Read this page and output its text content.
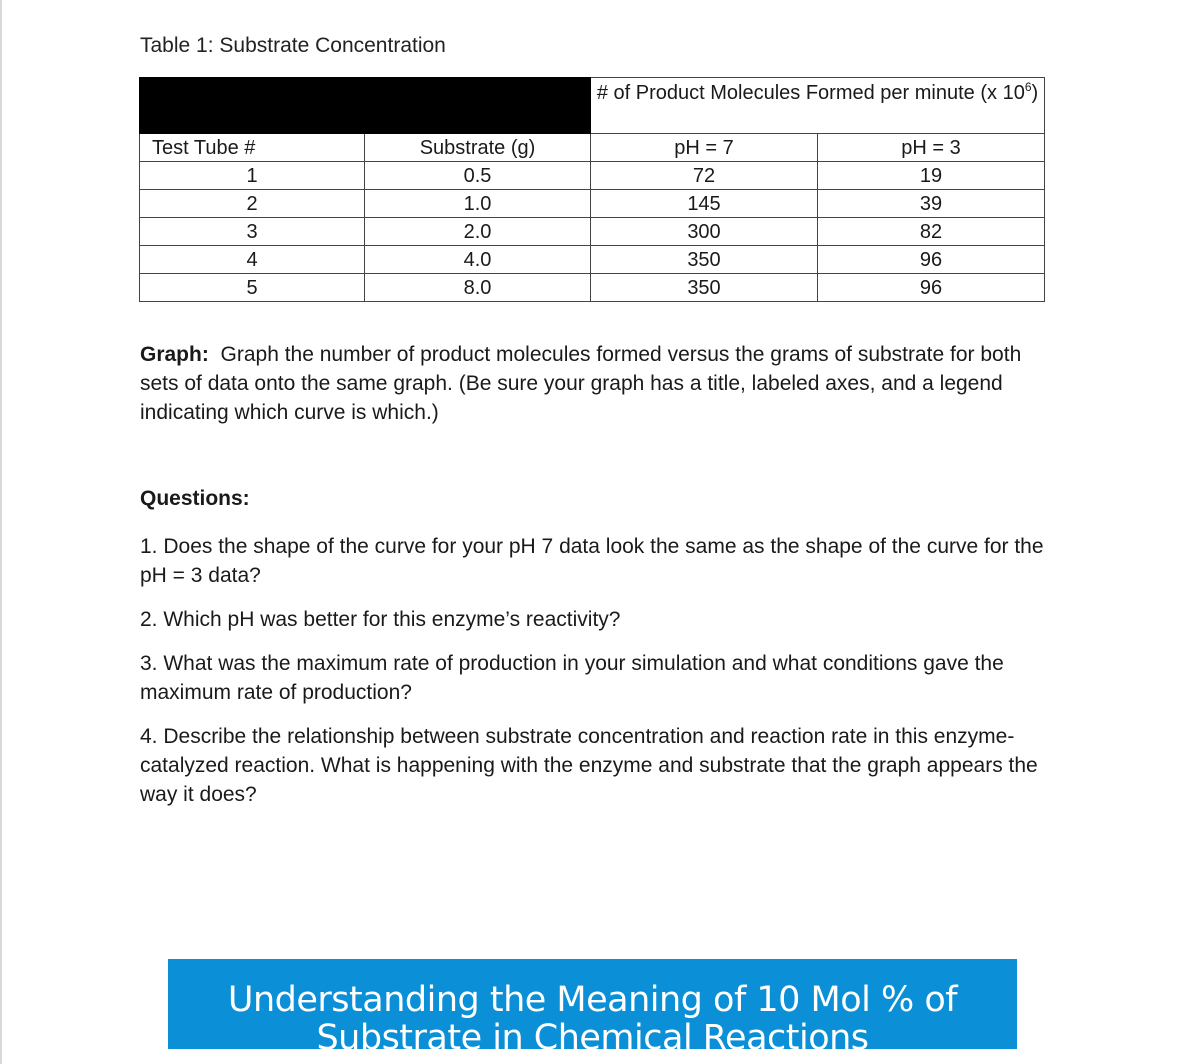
Table 1: Substrate Concentration
		# of Product Molecules Formed per minute (x $10^6$)	
Test Tube #	Substrate (g)	pH = 7	pH = 3
1	0.5	72	19
2	1.0	145	39
3	2.0	300	82
4	4.0	350	96
5	8.0	350	96
Graph: Graph the number of product molecules formed versus the grams of substrate for both sets of data onto the same graph. (Be sure your graph has a title, labeled axes, and a legend indicating which curve is which.)
Questions:
1. Does the shape of the curve for your pH 7 data look the same as the shape of the curve for the pH = 3 data?
2. Which pH was better for this enzyme’s reactivity?
3. What was the maximum rate of production in your simulation and what conditions gave the maximum rate of production?
4. Describe the relationship between substrate concentration and reaction rate in this enzyme-catalyzed reaction. What is happening with the enzyme and substrate that the graph appears the way it does?
Understanding the Meaning of 10 Mol % of
Substrate in Chemical Reactions
